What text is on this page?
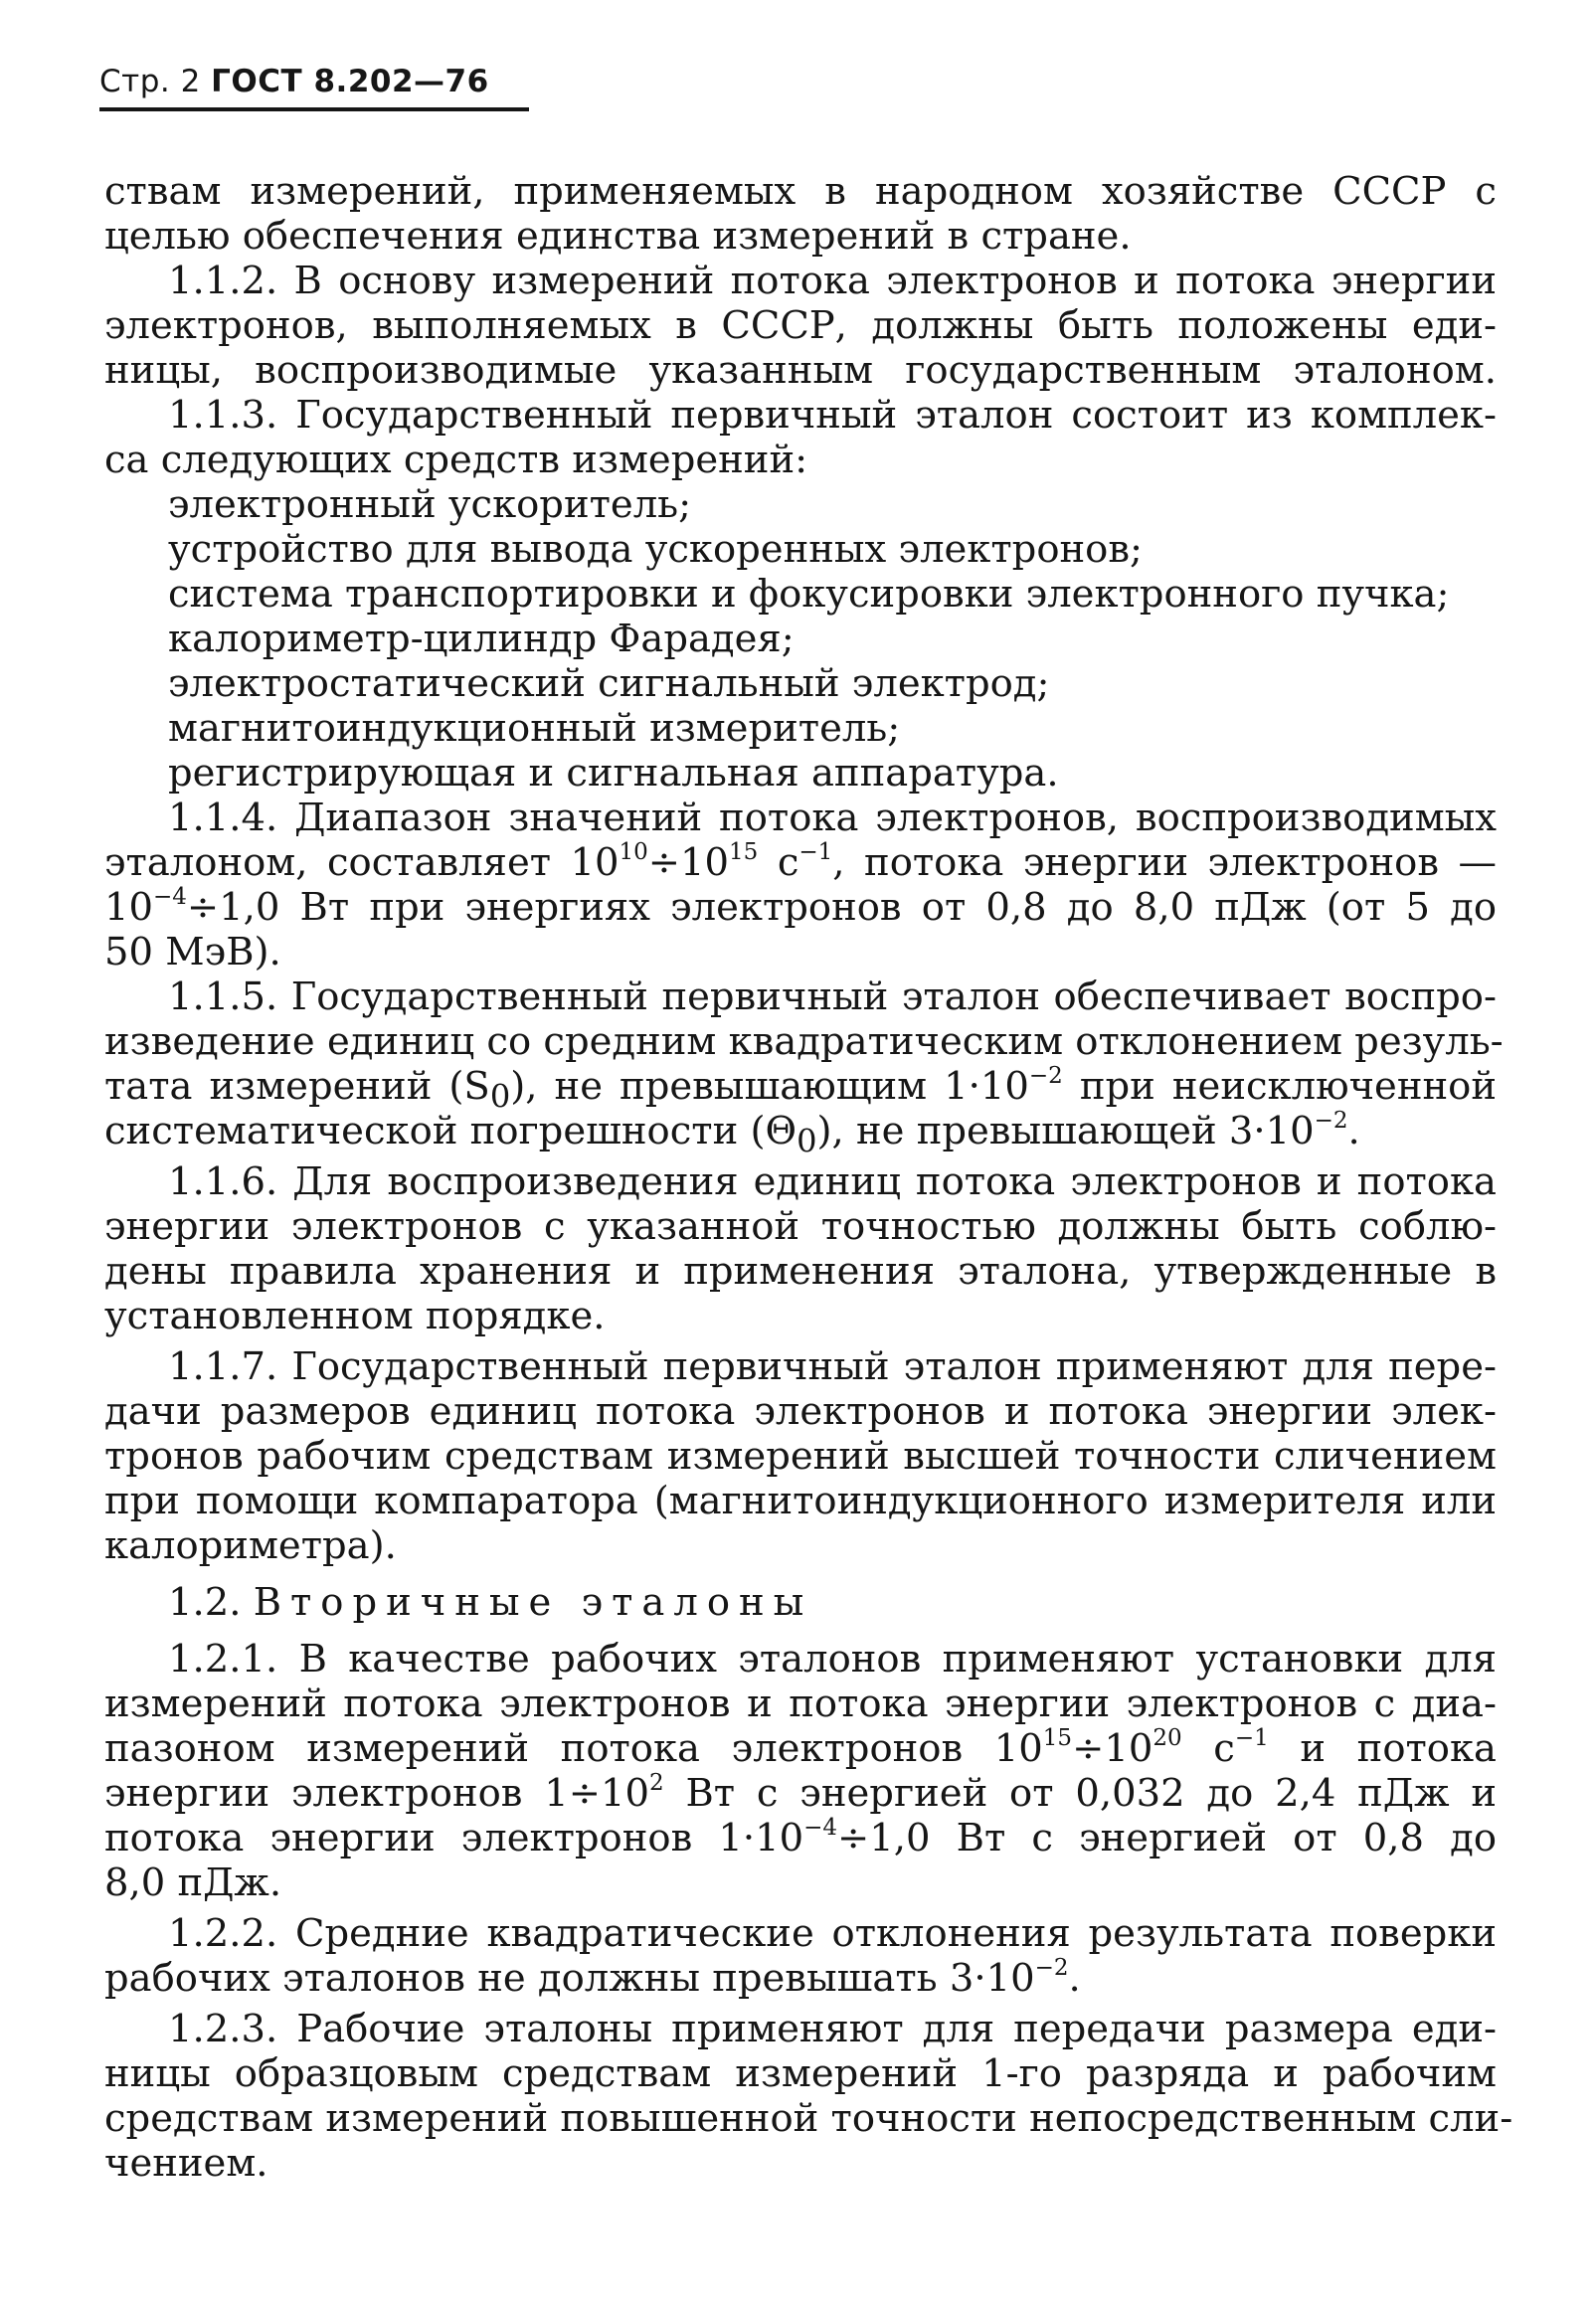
Стр. 2 ГОСТ 8.202—76
ствам измерений, применяемых в народном хозяйстве СССР с
целью обеспечения единства измерений в стране.
1.1.2. В основу измерений потока электронов и потока энергии
электронов, выполняемых в СССР, должны быть положены еди-
ницы, воспроизводимые указанным государственным эталоном.
1.1.3. Государственный первичный эталон состоит из комплек-
са следующих средств измерений:
электронный ускоритель;
устройство для вывода ускоренных электронов;
система транспортировки и фокусировки электронного пучка;
калориметр-цилиндр Фарадея;
электростатический сигнальный электрод;
магнитоиндукционный измеритель;
регистрирующая и сигнальная аппаратура.
1.1.4. Диапазон значений потока электронов, воспроизводимых
эталоном, составляет $10^{10}\div 10^{15}$ $с^{-1}$, потока энергии электронов —
$10^{-4}\div 1,0$ Вт при энергиях электронов от 0,8 до 8,0 пДж (от 5 до
50 МэВ).
1.1.5. Государственный первичный эталон обеспечивает воспро-
изведение единиц со средним квадратическим отклонением резуль-
тата измерений $(S_0)$, не превышающим $1\cdot 10^{-2}$ при неисключенной
систематической погрешности $(\Theta_0)$, не превышающей $3\cdot 10^{-2}$.
1.1.6. Для воспроизведения единиц потока электронов и потока
энергии электронов с указанной точностью должны быть соблю-
дены правила хранения и применения эталона, утвержденные в
установленном порядке.
1.1.7. Государственный первичный эталон применяют для пере-
дачи размеров единиц потока электронов и потока энергии элек-
тронов рабочим средствам измерений высшей точности сличением
при помощи компаратора (магнитоиндукционного измерителя или
калориметра).
1.2. Вторичные эталоны
1.2.1. В качестве рабочих эталонов применяют установки для
измерений потока электронов и потока энергии электронов с диа-
пазоном измерений потока электронов $10^{15}\div 10^{20}$ $с^{-1}$ и потока
энергии электронов $1\div 10^2$ Вт с энергией от 0,032 до 2,4 пДж и
потока энергии электронов $1\cdot 10^{-4}\div 1,0$ Вт с энергией от 0,8 до
8,0 пДж.
1.2.2. Средние квадратические отклонения результата поверки
рабочих эталонов не должны превышать $3\cdot 10^{-2}$.
1.2.3. Рабочие эталоны применяют для передачи размера еди-
ницы образцовым средствам измерений 1-го разряда и рабочим
средствам измерений повышенной точности непосредственным сли-
чением.
